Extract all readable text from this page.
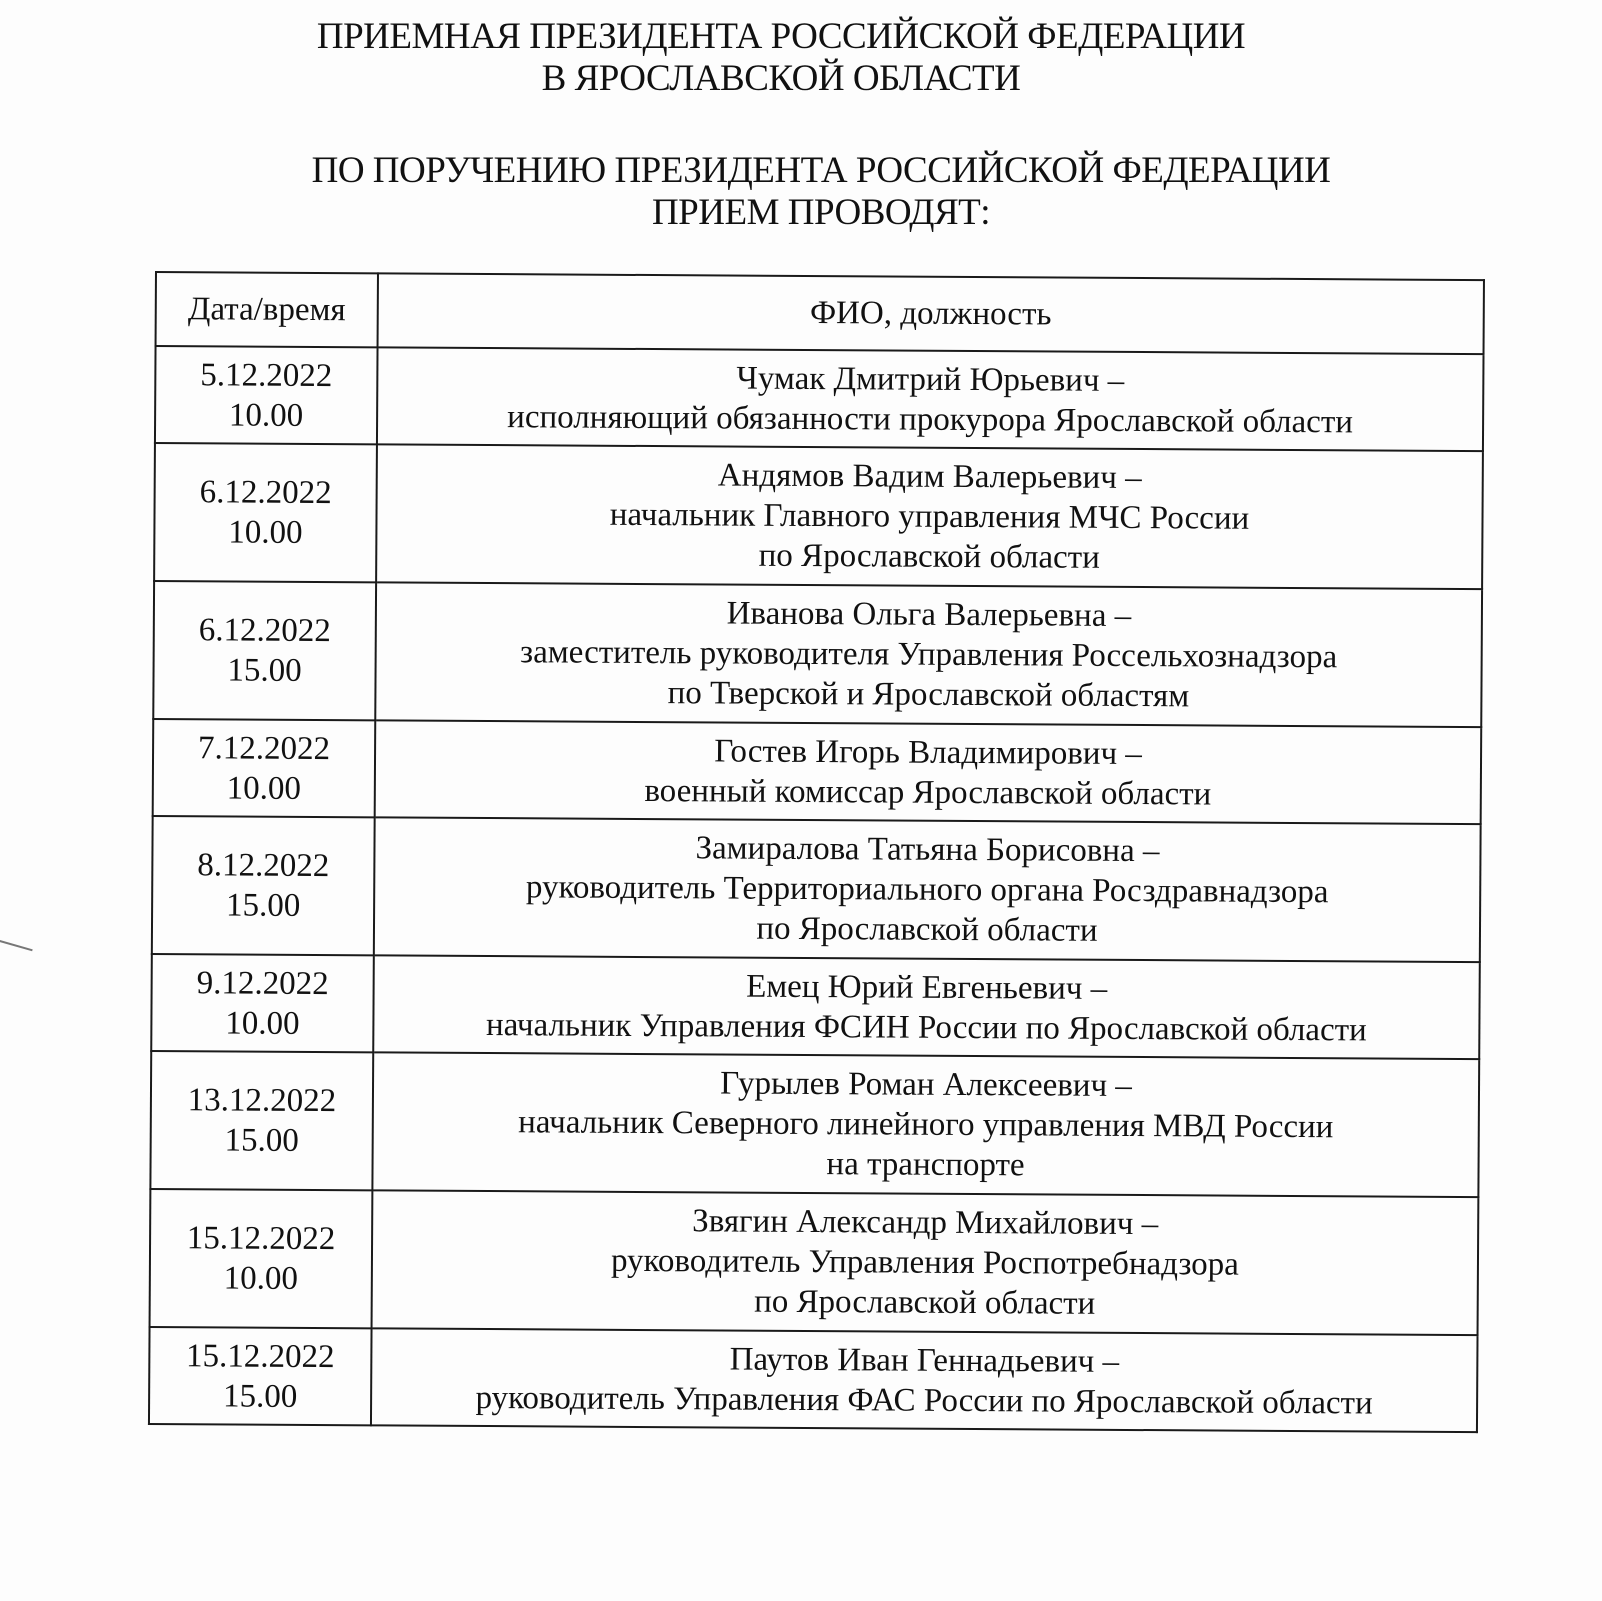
ПРИЕМНАЯ ПРЕЗИДЕНТА РОССИЙСКОЙ ФЕДЕРАЦИИ
В ЯРОСЛАВСКОЙ ОБЛАСТИ
ПО ПОРУЧЕНИЮ ПРЕЗИДЕНТА РОССИЙСКОЙ ФЕДЕРАЦИИ
ПРИЕМ ПРОВОДЯТ:
Дата/время	ФИО, должность

5.12.2022
10.00	Чумак Дмитрий Юрьевич –
исполняющий обязанности прокурора Ярославской области

6.12.2022
10.00	Андямов Вадим Валерьевич –
начальник Главного управления МЧС России
по Ярославской области

6.12.2022
15.00	Иванова Ольга Валерьевна –
заместитель руководителя Управления Россельхознадзора
по Тверской и Ярославской областям

7.12.2022
10.00	Гостев Игорь Владимирович –
военный комиссар Ярославской области

8.12.2022
15.00	Замиралова Татьяна Борисовна –
руководитель Территориального органа Росздравнадзора
по Ярославской области

9.12.2022
10.00	Емец Юрий Евгеньевич –
начальник Управления ФСИН России по Ярославской области

13.12.2022
15.00	Гурылев Роман Алексеевич –
начальник Северного линейного управления МВД России
на транспорте

15.12.2022
10.00	Звягин Александр Михайлович –
руководитель Управления Роспотребнадзора
по Ярославской области

15.12.2022
15.00	Паутов Иван Геннадьевич –
руководитель Управления ФАС России по Ярославской области
